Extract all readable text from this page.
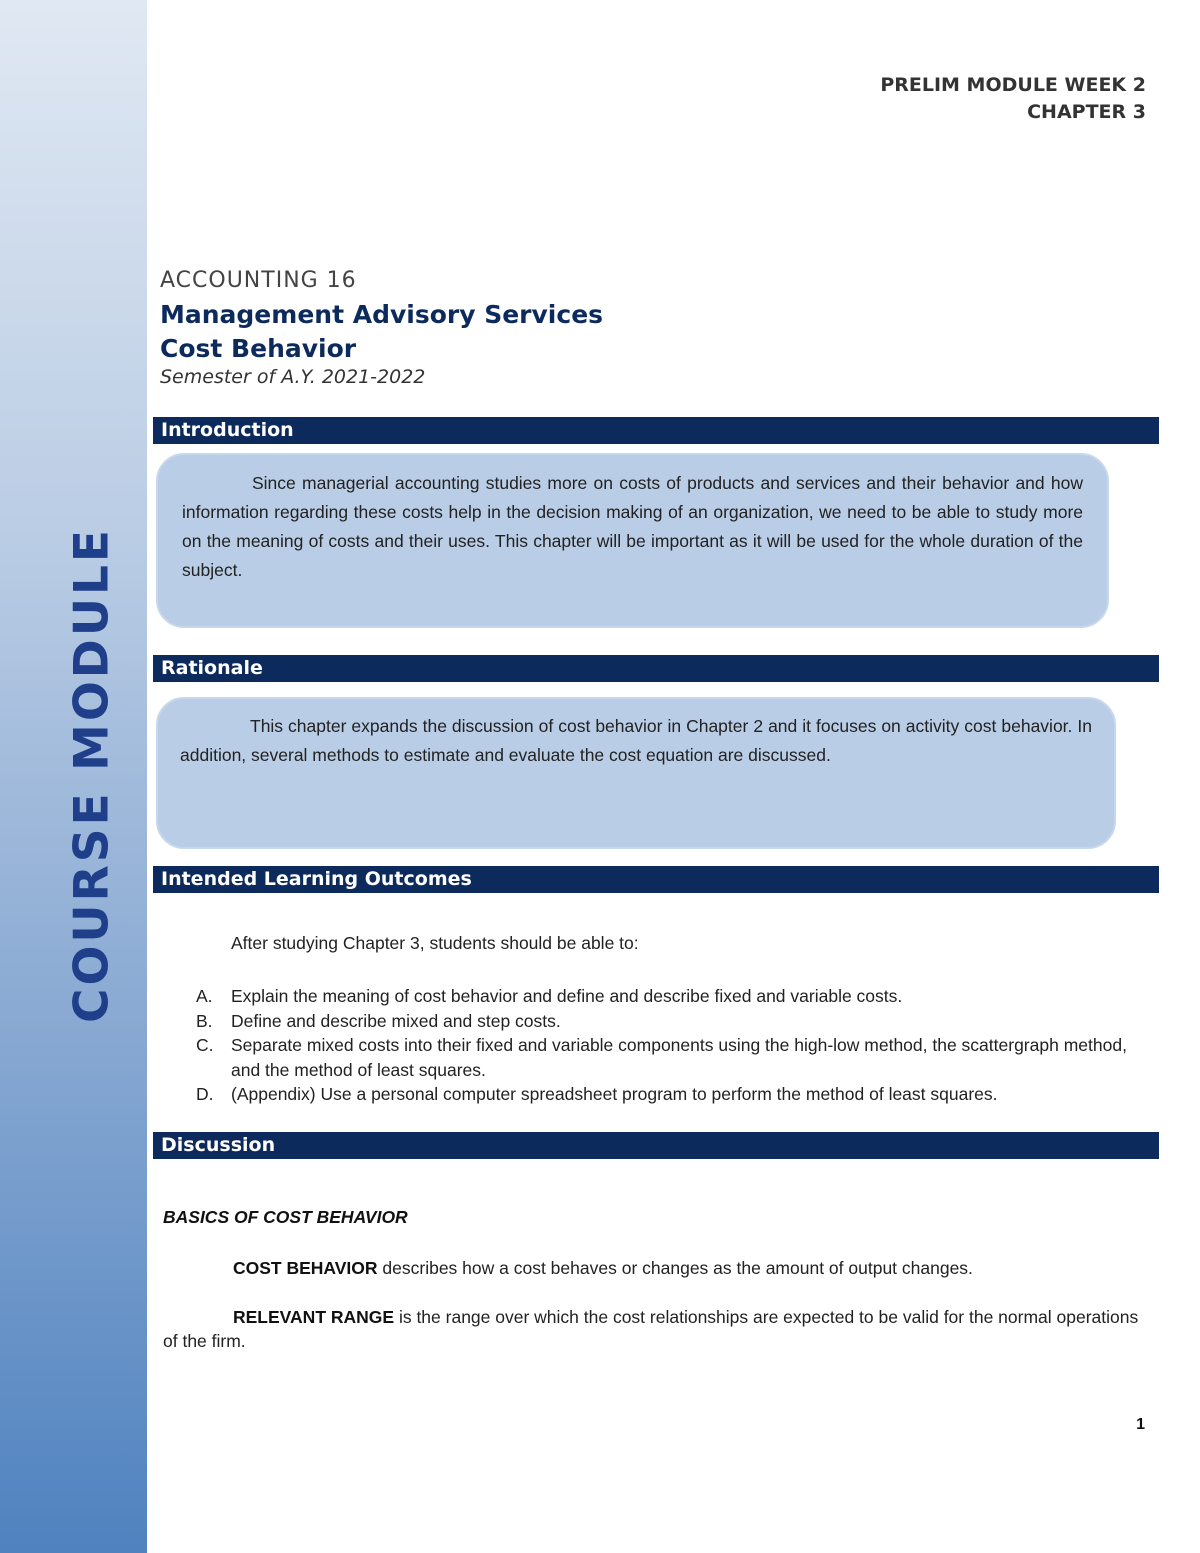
COURSE MODULE
PRELIM MODULE WEEK 2
CHAPTER 3
ACCOUNTING 16
Management Advisory Services
Cost Behavior
Semester of A.Y. 2021-2022
Introduction

Since managerial accounting studies more on costs of products and services and their behavior and how information regarding these costs help in the decision making of an organization, we need to be able to study more on the meaning of costs and their uses. This chapter will be important as it will be used for the whole duration of the subject.

Rationale

This chapter expands the discussion of cost behavior in Chapter 2 and it focuses on activity cost behavior. In addition, several methods to estimate and evaluate the cost equation are discussed.

Intended Learning Outcomes
After studying Chapter 3, students should be able to:
A.	Explain the meaning of cost behavior and define and describe fixed and variable costs.
B.	Define and describe mixed and step costs.
C.	Separate mixed costs into their fixed and variable components using the high-low method, the scattergraph method, and the method of least squares.
D.	(Appendix) Use a personal computer spreadsheet program to perform the method of least squares.
Discussion
BASICS OF COST BEHAVIOR

COST BEHAVIOR describes how a cost behaves or changes as the amount of output changes.

RELEVANT RANGE is the range over which the cost relationships are expected to be valid for the normal operations of the firm.

1
